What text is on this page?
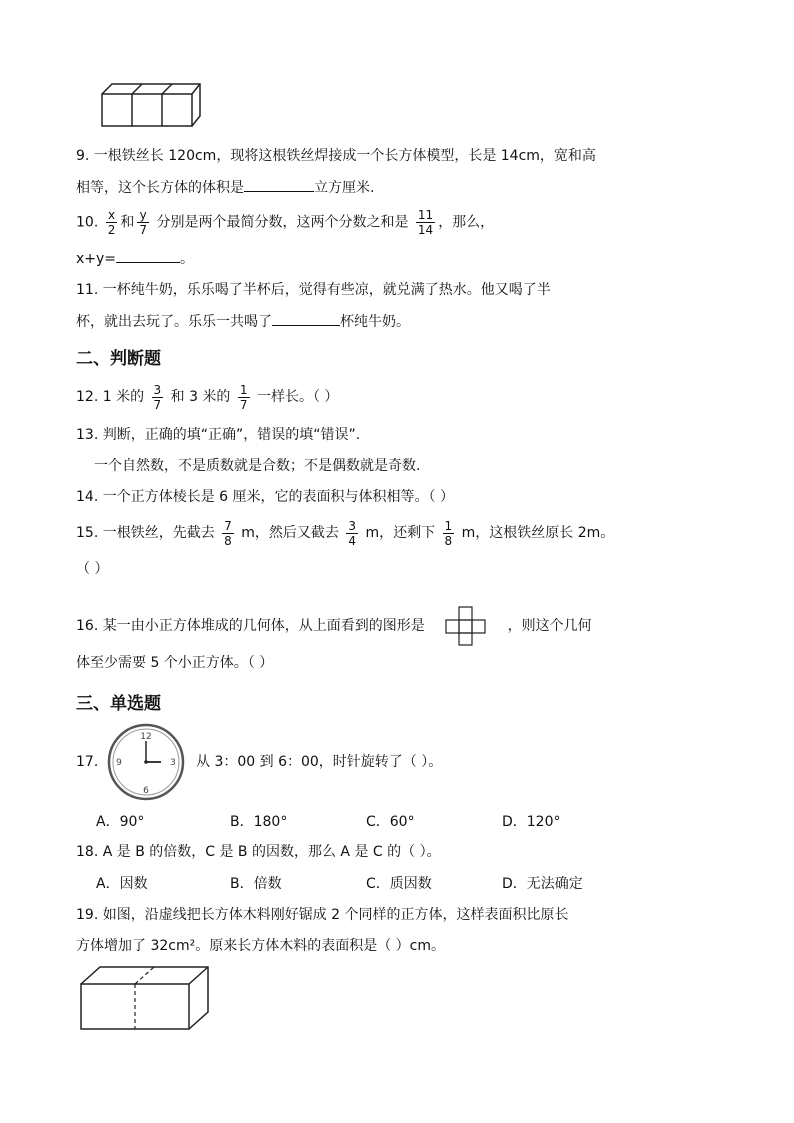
9. 一根铁丝长 120cm，现将这根铁丝焊接成一个长方体模型，长是 14cm，宽和高
相等，这个长方体的体积是	立方厘米.
10. $\frac{x}{2}$ 和 $\frac{y}{7}$ 分别是两个最简分数，这两个分数之和是 $\frac{11}{14}$ ，那么，
x+y=	。
11. 一杯纯牛奶，乐乐喝了半杯后，觉得有些凉，就兑满了热水。他又喝了半
杯，就出去玩了。乐乐一共喝了	杯纯牛奶。
二、判断题
12. 1 米的 $\frac{3}{7}$ 和 3 米的 $\frac{1}{7}$ 一样长。（ ）
13. 判断，正确的填“正确”，错误的填“错误”.
一个自然数，不是质数就是合数；不是偶数就是奇数.
14. 一个正方体棱长是 6 厘米，它的表面积与体积相等。（ ）
15. 一根铁丝，先截去 $\frac{7}{8}$ m，然后又截去 $\frac{3}{4}$ m，还剩下 $\frac{1}{8}$ m，这根铁丝原长 2m。
（ ）
16. 某一由小正方体堆成的几何体，从上面看到的图形是	，则这个几何
体至少需要 5 个小正方体。（ ）
三、单选题
17.
12
3
6
9	从 3：00 到 6：00，时针旋转了（ ）。
A．90°	B．180°	C．60°	D．120°
18. A 是 B 的倍数，C 是 B 的因数，那么 A 是 C 的（ ）。
A．因数	B．倍数	C．质因数	D．无法确定
19. 如图，沿虚线把长方体木料刚好锯成 2 个同样的正方体，这样表面积比原长
方体增加了 32cm²。原来长方体木料的表面积是（ ）cm。
